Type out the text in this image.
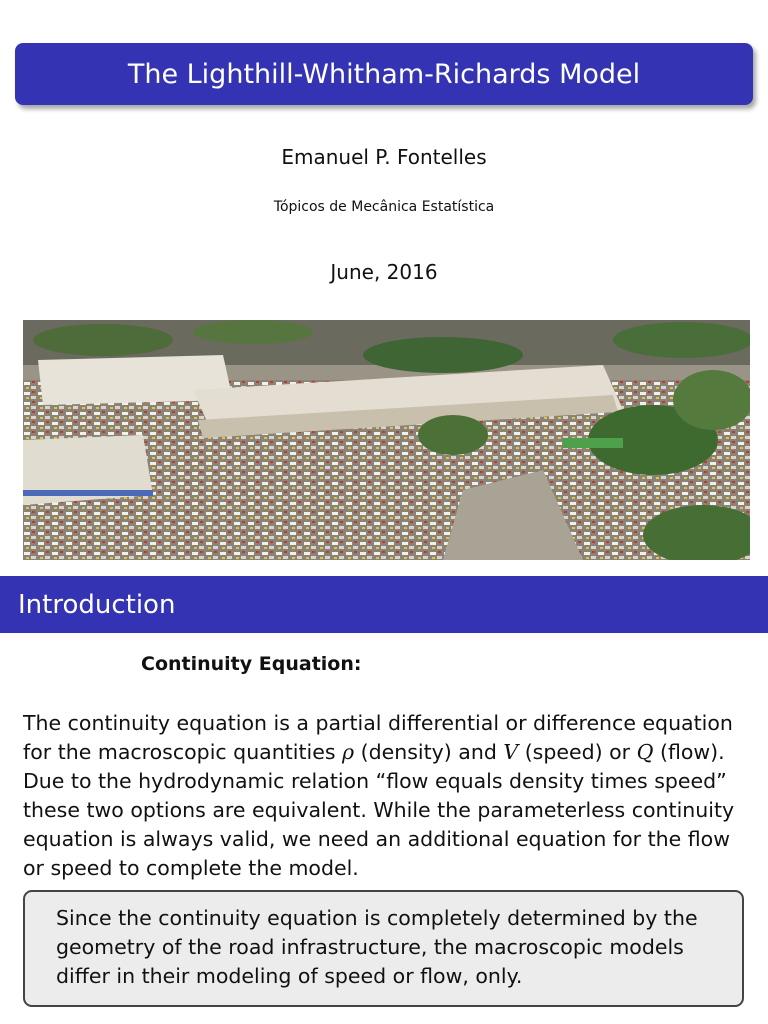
The Lighthill-Whitham-Richards Model
Emanuel P. Fontelles
Tópicos de Mecânica Estatística
June, 2016
Introduction
Continuity Equation:
The continuity equation is a partial differential or difference equation for the macroscopic quantities ρ (density) and V (speed) or Q (flow). Due to the hydrodynamic relation “flow equals density times speed” these two options are equivalent. While the parameterless continuity equation is always valid, we need an additional equation for the flow or speed to complete the model.
Since the continuity equation is completely determined by the geometry of the road infrastructure, the macroscopic models differ in their modeling of speed or flow, only.
